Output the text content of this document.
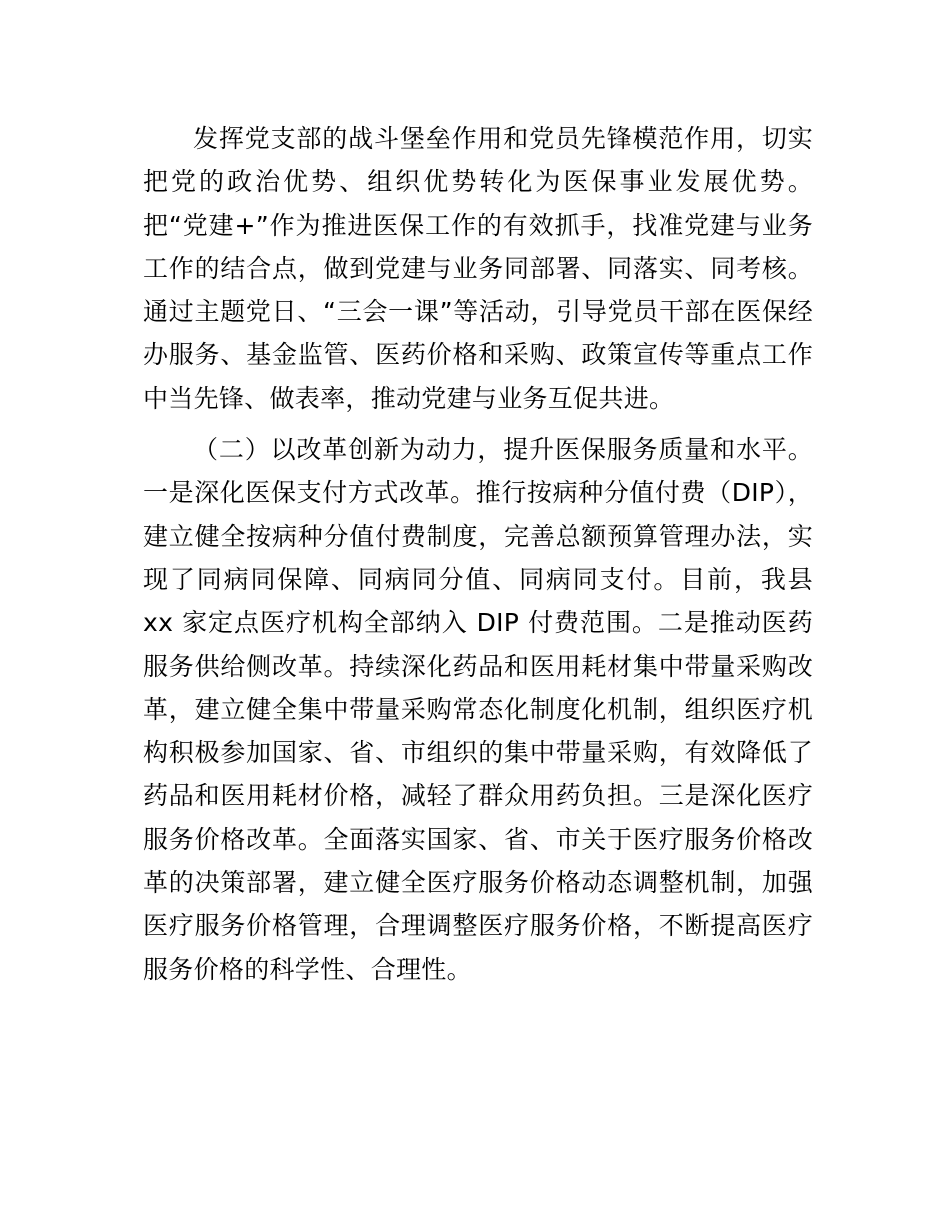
发挥党支部的战斗堡垒作用和党员先锋模范作用，切实把党的政治优势、组织优势转化为医保事业发展优势。把“党建+”作为推进医保工作的有效抓手，找准党建与业务工作的结合点，做到党建与业务同部署、同落实、同考核。通过主题党日、“三会一课”等活动，引导党员干部在医保经办服务、基金监管、医药价格和采购、政策宣传等重点工作中当先锋、做表率，推动党建与业务互促共进。

（二）以改革创新为动力，提升医保服务质量和水平。一是深化医保支付方式改革。推行按病种分值付费（DIP），建立健全按病种分值付费制度，完善总额预算管理办法，实现了同病同保障、同病同分值、同病同支付。目前，我县 xx 家定点医疗机构全部纳入 DIP 付费范围。二是推动医药服务供给侧改革。持续深化药品和医用耗材集中带量采购改革，建立健全集中带量采购常态化制度化机制，组织医疗机构积极参加国家、省、市组织的集中带量采购，有效降低了药品和医用耗材价格，减轻了群众用药负担。三是深化医疗服务价格改革。全面落实国家、省、市关于医疗服务价格改革的决策部署，建立健全医疗服务价格动态调整机制，加强医疗服务价格管理，合理调整医疗服务价格，不断提高医疗服务价格的科学性、合理性。
